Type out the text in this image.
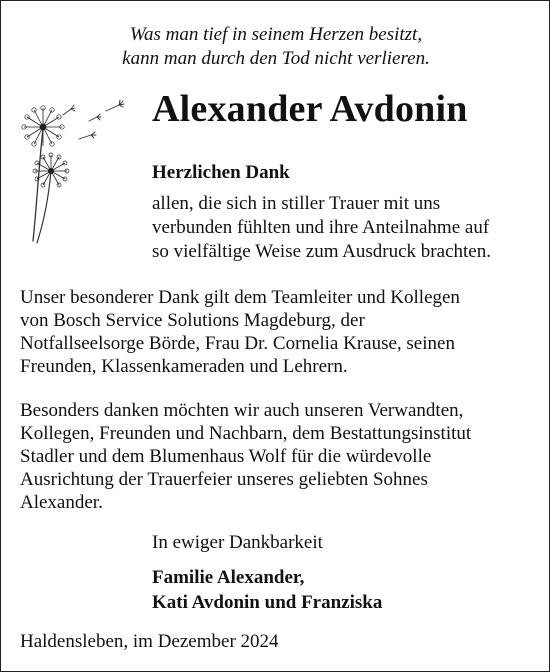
Was man tief in seinem Herzen besitzt,
kann man durch den Tod nicht verlieren.
Alexander Avdonin
Herzlichen Dank
allen, die sich in stiller Trauer mit uns
verbunden fühlten und ihre Anteilnahme auf
so vielfältige Weise zum Ausdruck brachten.
Unser besonderer Dank gilt dem Teamleiter und Kollegen
von Bosch Service Solutions Magdeburg, der
Notfallseelsorge Börde, Frau Dr. Cornelia Krause, seinen
Freunden, Klassenkameraden und Lehrern.
Besonders danken möchten wir auch unseren Verwandten,
Kollegen, Freunden und Nachbarn, dem Bestattungsinstitut
Stadler und dem Blumenhaus Wolf für die würdevolle
Ausrichtung der Trauerfeier unseres geliebten Sohnes
Alexander.
In ewiger Dankbarkeit
Familie Alexander,
Kati Avdonin und Franziska
Haldensleben, im Dezember 2024
